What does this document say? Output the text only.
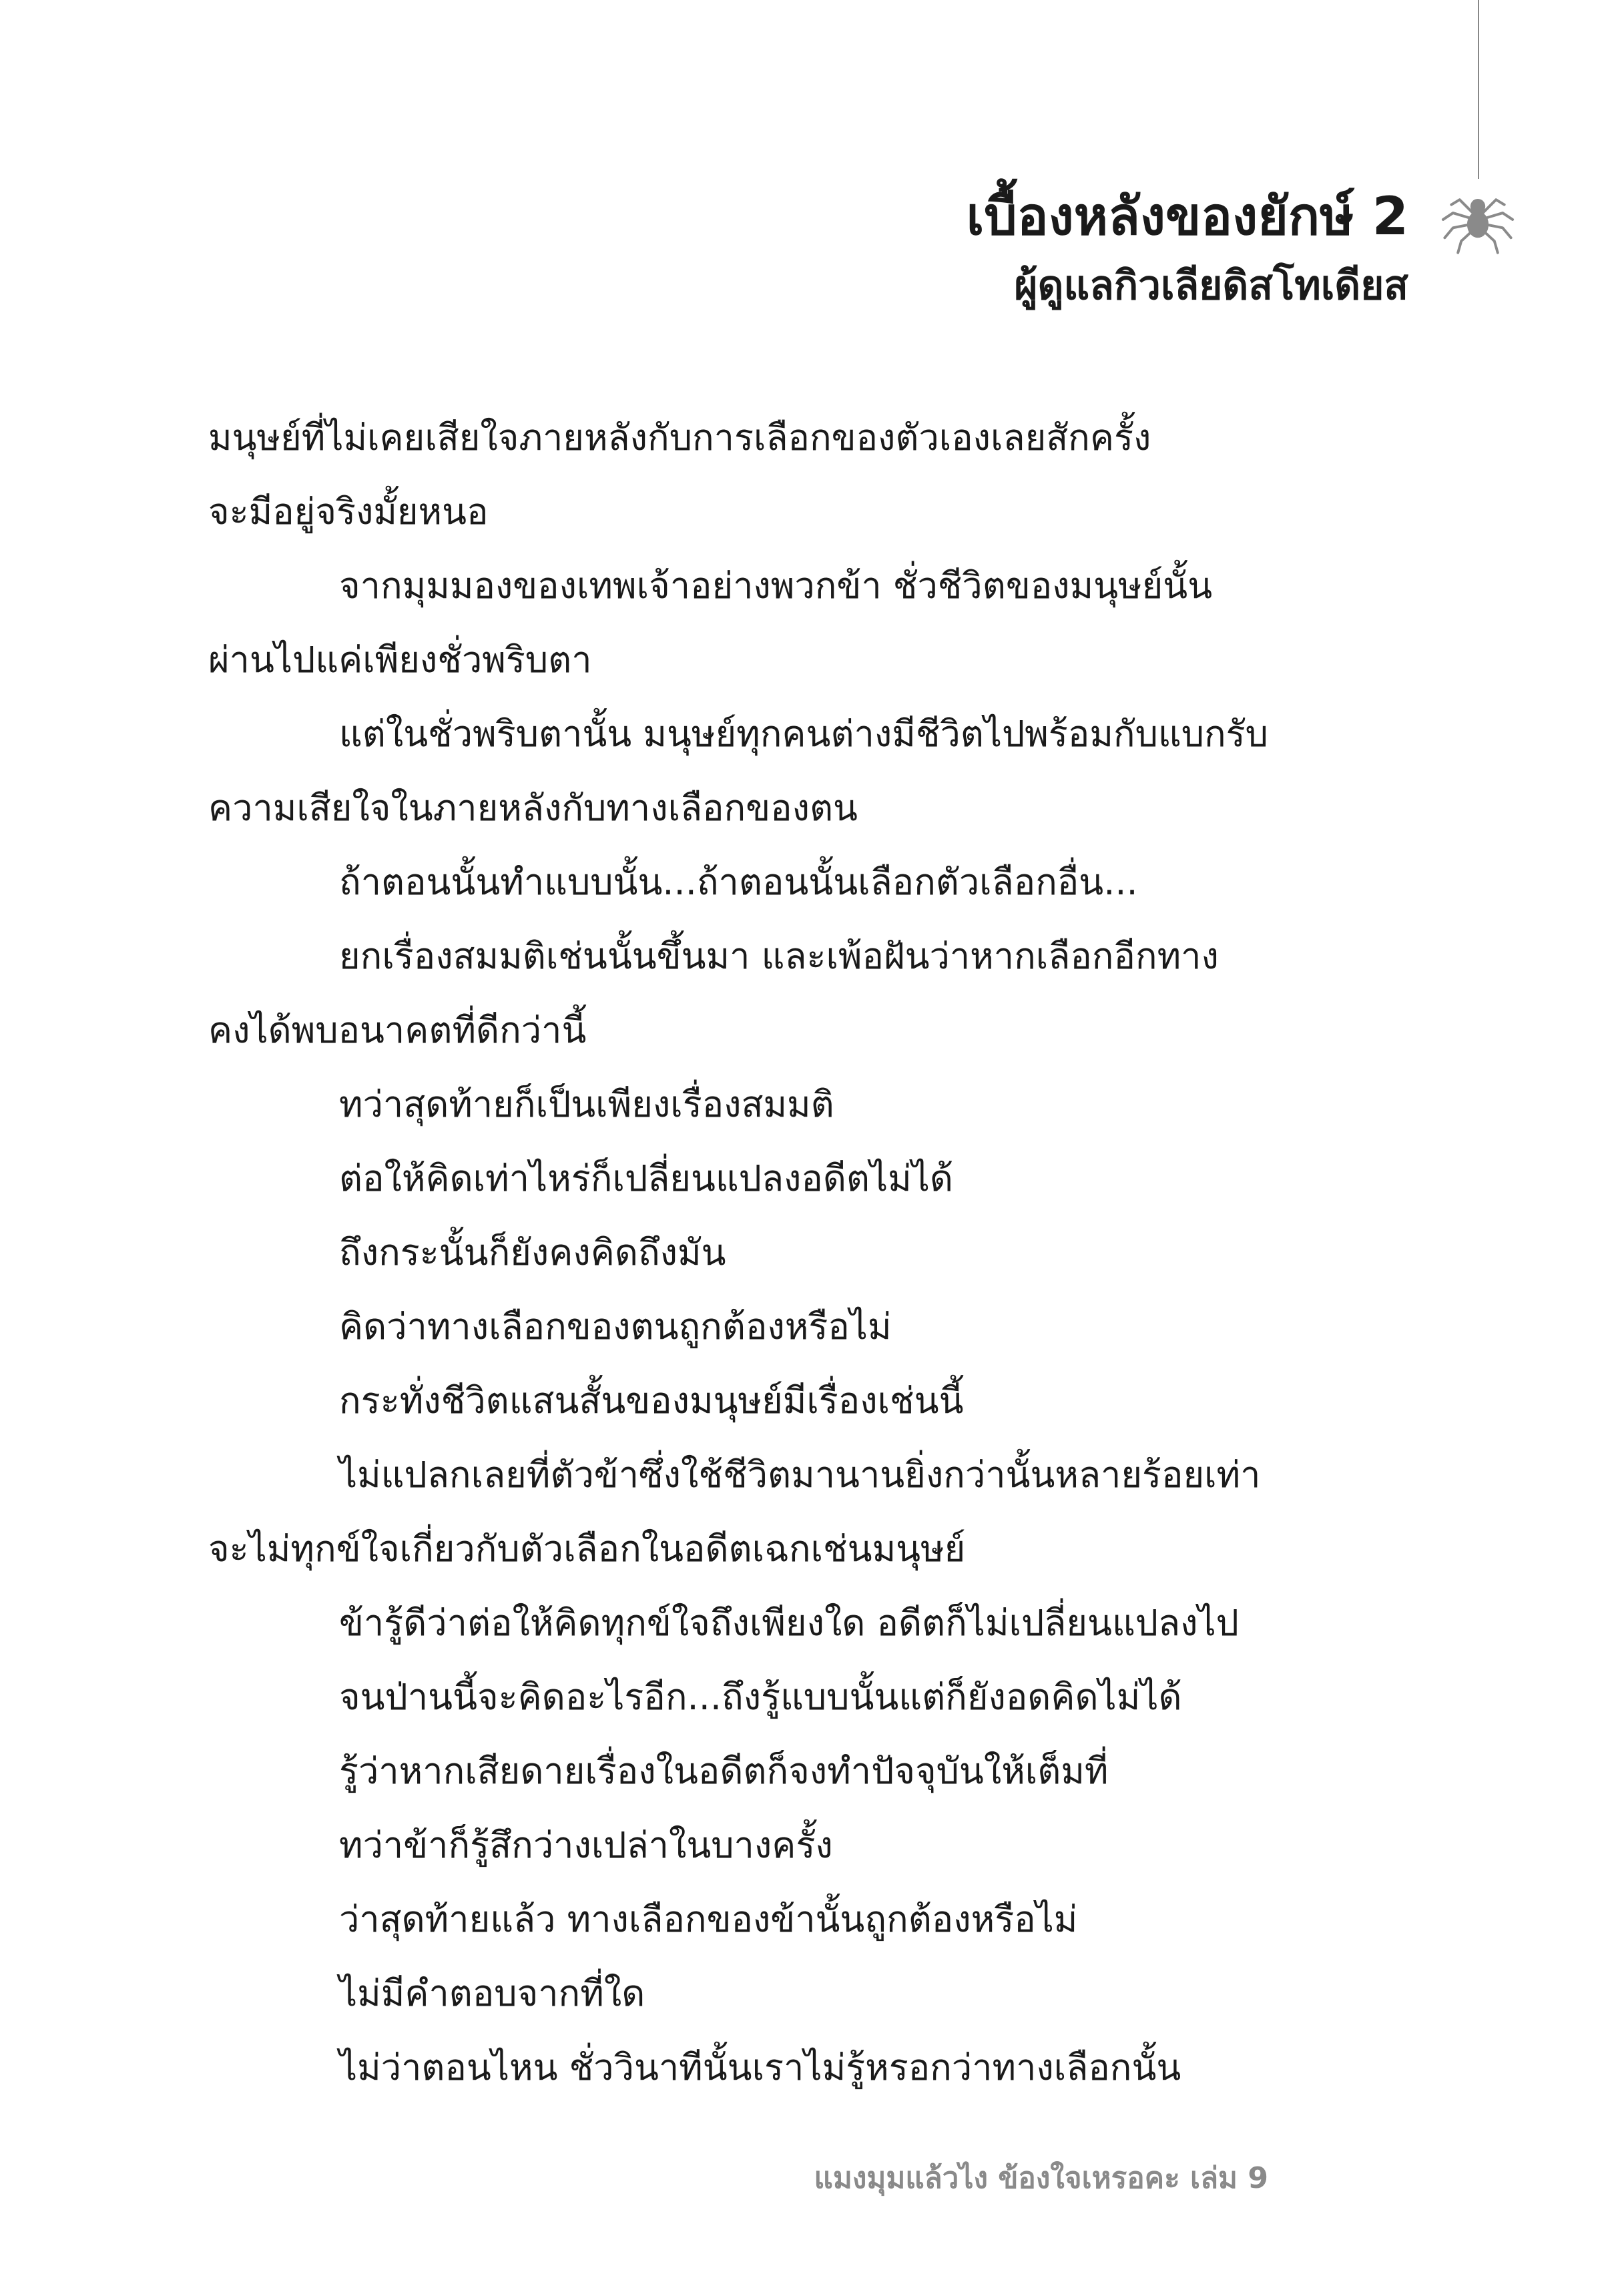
เบื้องหลังของยักษ์ 2
ผู้ดูแลกิวเลียดิสโทเดียส
มนุษย์ที่ไม่เคยเสียใจภายหลังกับการเลือกของตัวเองเลยสักครั้ง
จะมีอยู่จริงมั้ยหนอ
จากมุมมองของเทพเจ้าอย่างพวกข้า ชั่วชีวิตของมนุษย์นั้น
ผ่านไปแค่เพียงชั่วพริบตา
แต่ในชั่วพริบตานั้น มนุษย์ทุกคนต่างมีชีวิตไปพร้อมกับแบกรับ
ความเสียใจในภายหลังกับทางเลือกของตน
ถ้าตอนนั้นทำแบบนั้น...ถ้าตอนนั้นเลือกตัวเลือกอื่น...
ยกเรื่องสมมติเช่นนั้นขึ้นมา และเพ้อฝันว่าหากเลือกอีกทาง
คงได้พบอนาคตที่ดีกว่านี้
ทว่าสุดท้ายก็เป็นเพียงเรื่องสมมติ
ต่อให้คิดเท่าไหร่ก็เปลี่ยนแปลงอดีตไม่ได้
ถึงกระนั้นก็ยังคงคิดถึงมัน
คิดว่าทางเลือกของตนถูกต้องหรือไม่
กระทั่งชีวิตแสนสั้นของมนุษย์มีเรื่องเช่นนี้
ไม่แปลกเลยที่ตัวข้าซึ่งใช้ชีวิตมานานยิ่งกว่านั้นหลายร้อยเท่า
จะไม่ทุกข์ใจเกี่ยวกับตัวเลือกในอดีตเฉกเช่นมนุษย์
ข้ารู้ดีว่าต่อให้คิดทุกข์ใจถึงเพียงใด อดีตก็ไม่เปลี่ยนแปลงไป
จนป่านนี้จะคิดอะไรอีก...ถึงรู้แบบนั้นแต่ก็ยังอดคิดไม่ได้
รู้ว่าหากเสียดายเรื่องในอดีตก็จงทำปัจจุบันให้เต็มที่
ทว่าข้าก็รู้สึกว่างเปล่าในบางครั้ง
ว่าสุดท้ายแล้ว ทางเลือกของข้านั้นถูกต้องหรือไม่
ไม่มีคำตอบจากที่ใด
ไม่ว่าตอนไหน ชั่ววินาทีนั้นเราไม่รู้หรอกว่าทางเลือกนั้น
แมงมุมแล้วไง ข้องใจเหรอคะ เล่ม 9
